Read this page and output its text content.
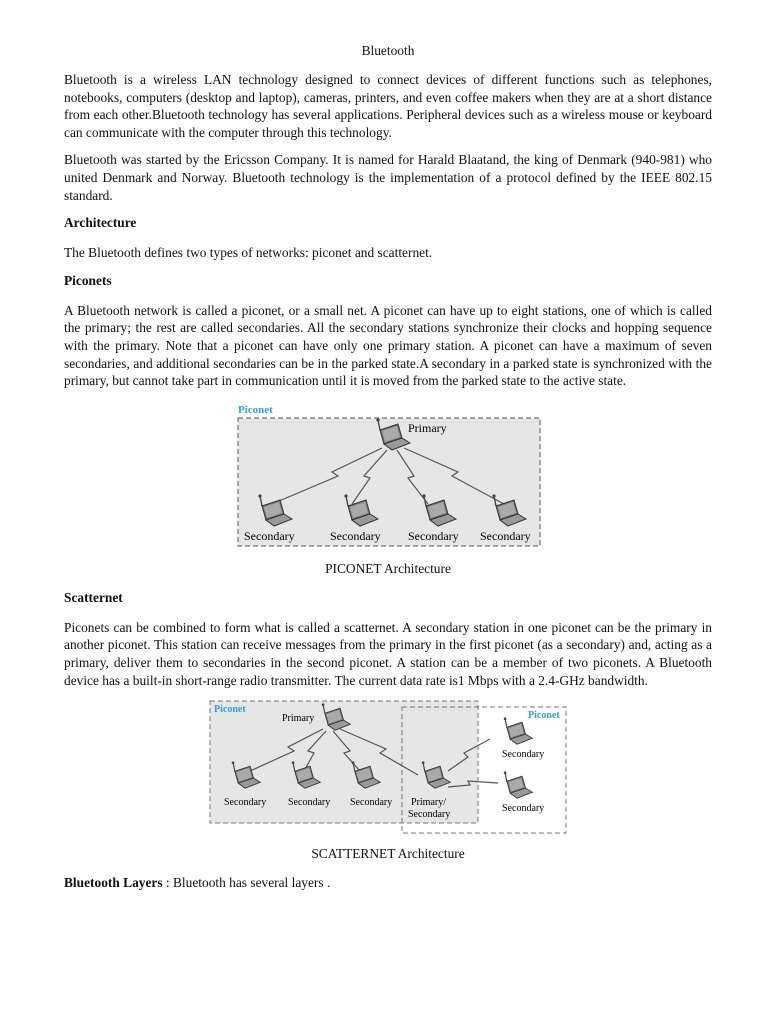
Bluetooth

Bluetooth is a wireless LAN technology designed to connect devices of different functions such as telephones, notebooks, computers (desktop and laptop), cameras, printers, and even coffee makers when they are at a short distance from each other.Bluetooth technology has several applications. Peripheral devices such as a wireless mouse or keyboard can communicate with the computer through this technology.

Bluetooth was started by the Ericsson Company. It is named for Harald Blaatand, the king of Denmark (940-981) who united Denmark and Norway. Bluetooth technology is the implementation of a protocol defined by the IEEE 802.15 standard.

Architecture

The Bluetooth defines two types of networks: piconet and scatternet.

Piconets

A Bluetooth network is called a piconet, or a small net. A piconet can have up to eight stations, one of which is called the primary; the rest are called secondaries. All the secondary stations synchronize their clocks and hopping sequence with the primary. Note that a piconet can have only one primary station. A piconet can have a maximum of seven secondaries, and additional secondaries can be in the parked state.A secondary in a parked state is synchronized with the primary, but cannot take part in communication until it is moved from the parked state to the active state.

Piconet
Primary
Secondary	Secondary Secondary Secondary
PICONET Architecture
Scatternet

Piconets can be combined to form what is called a scatternet. A secondary station in one piconet can be the primary in another piconet. This station can receive messages from the primary in the first piconet (as a secondary) and, acting as a primary, deliver them to secondaries in the second piconet. A station can be a member of two piconets. A Bluetooth device has a built-in short-range radio transmitter. The current data rate is1 Mbps with a 2.4-GHz bandwidth.

Piconet
Piconet
Primary
Secondary Secondary Secondary Primary/
Secondary
Secondary
Secondary
SCATTERNET Architecture

Bluetooth Layers : Bluetooth has several layers .
